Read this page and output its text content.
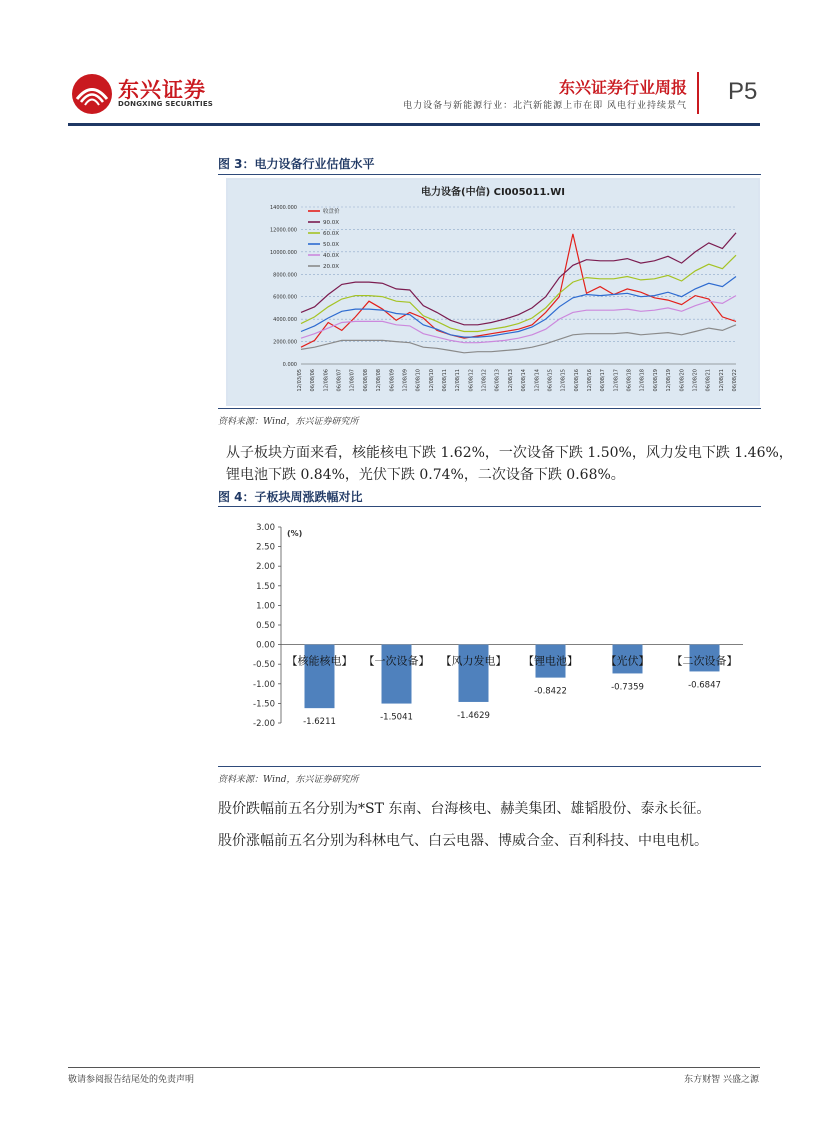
东兴证券
DONGXING SECURITIES
东兴证券行业周报
电力设备与新能源行业：北汽新能源上市在即 风电行业持续景气
P5
图 3：电力设备行业估值水平
电力设备(中信) CI005011.WI
0.000
2000.000
4000.000
6000.000
8000.000
10000.000
12000.000
14000.000
12/03/05 06/08/06 12/08/06 06/08/07 12/08/07 06/08/08 12/08/08 06/08/09 12/08/09 06/08/10 12/08/10 06/08/11 12/08/11 06/08/12 12/08/12 06/08/13 12/08/13 06/08/14 12/08/14 06/08/15 12/08/15 06/08/16 12/08/16 06/08/17 12/08/17 06/08/18 12/08/18 06/08/19 12/08/19 06/08/20 12/08/20 06/08/21 12/08/21 06/08/22
收盘价
90.0X
60.0X
50.0X
40.0X
20.0X
资料来源：Wind，东兴证券研究所
从子板块方面来看，核能核电下跌 1.62%，一次设备下跌 1.50%，风力发电下跌 1.46%，
锂电池下跌 0.84%，光伏下跌 0.74%，二次设备下跌 0.68%。
图 4：子板块周涨跌幅对比
3.00
2.50
2.00
1.50
1.00
0.50
0.00
-0.50
-1.00
-1.50
-2.00
(%)
-1.6211
【核能核电】
-1.5041
【一次设备】
-1.4629
【风力发电】
-0.8422
【锂电池】
-0.7359
【光伏】
-0.6847
【二次设备】
资料来源：Wind，东兴证券研究所
股价跌幅前五名分别为*ST 东南、台海核电、赫美集团、雄韬股份、泰永长征。
股价涨幅前五名分别为科林电气、白云电器、博威合金、百利科技、中电电机。
敬请参阅报告结尾处的免责声明	东方财智 兴盛之源
